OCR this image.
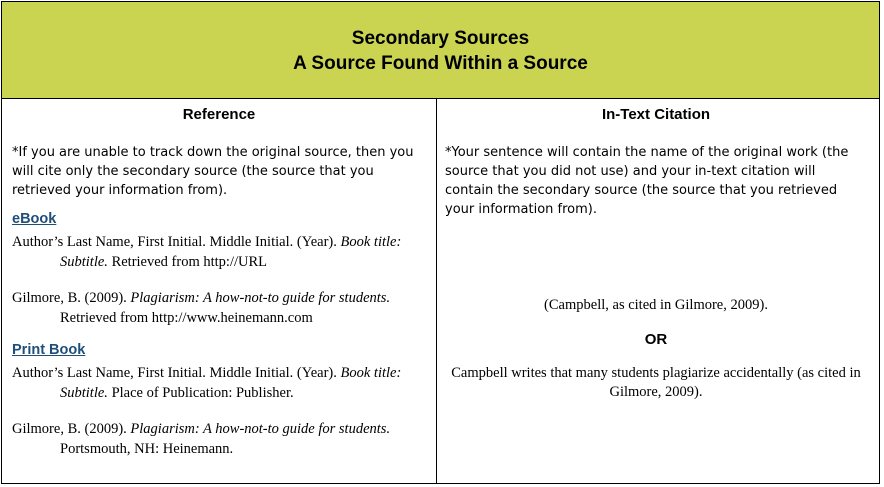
Secondary Sources
A Source Found Within a Source
Reference
*If you are unable to track down the original source, then you will cite only the secondary source (the source that you retrieved your information from).
eBook
Author’s Last Name, First Initial. Middle Initial. (Year). Book title: Subtitle. Retrieved from http://URL
Gilmore, B. (2009). Plagiarism: A how-not-to guide for students. Retrieved from http://www.heinemann.com
Print Book
Author’s Last Name, First Initial. Middle Initial. (Year). Book title: Subtitle. Place of Publication: Publisher.
Gilmore, B. (2009). Plagiarism: A how-not-to guide for students. Portsmouth, NH: Heinemann.
In-Text Citation
*Your sentence will contain the name of the original work (the source that you did not use) and your in-text citation will contain the secondary source (the source that you retrieved your information from).
(Campbell, as cited in Gilmore, 2009).
OR
Campbell writes that many students plagiarize accidentally (as cited in Gilmore, 2009).
